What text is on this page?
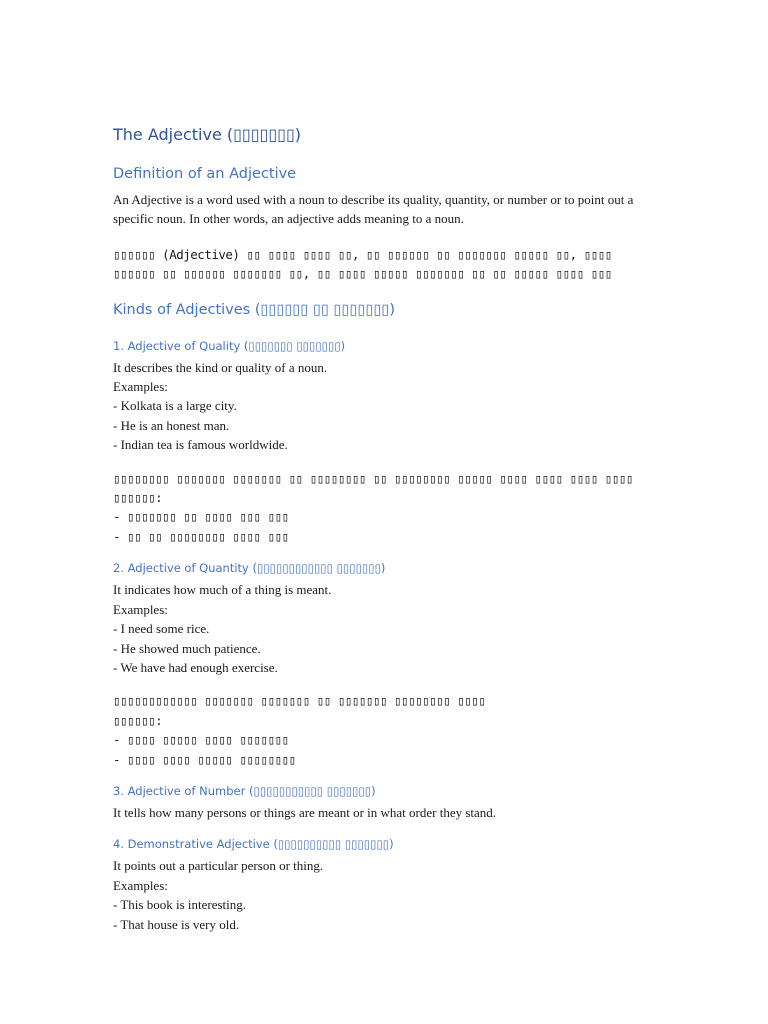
The Adjective (▯▯▯▯▯▯▯)
Definition of an Adjective

An Adjective is a word used with a noun to describe its quality, quantity, or number or to point out a specific noun. In other words, an adjective adds meaning to a noun.

▯▯▯▯▯▯ (Adjective) ▯▯ ▯▯▯▯ ▯▯▯▯ ▯▯, ▯▯ ▯▯▯▯▯▯ ▯▯ ▯▯▯▯▯▯▯ ▯▯▯▯▯ ▯▯, ▯▯▯▯
▯▯▯▯▯▯ ▯▯ ▯▯▯▯▯▯ ▯▯▯▯▯▯▯ ▯▯, ▯▯ ▯▯▯▯ ▯▯▯▯▯ ▯▯▯▯▯▯▯ ▯▯ ▯▯ ▯▯▯▯▯ ▯▯▯▯ ▯▯▯
Kinds of Adjectives (▯▯▯▯▯▯ ▯▯ ▯▯▯▯▯▯▯)
1. Adjective of Quality (▯▯▯▯▯▯▯ ▯▯▯▯▯▯▯)
It describes the kind or quality of a noun.
Examples:
- Kolkata is a large city.
- He is an honest man.
- Indian tea is famous worldwide.
▯▯▯▯▯▯▯▯ ▯▯▯▯▯▯▯ ▯▯▯▯▯▯▯ ▯▯ ▯▯▯▯▯▯▯▯ ▯▯ ▯▯▯▯▯▯▯▯ ▯▯▯▯▯ ▯▯▯▯ ▯▯▯▯ ▯▯▯▯ ▯▯▯▯
▯▯▯▯▯▯:
- ▯▯▯▯▯▯▯ ▯▯ ▯▯▯▯ ▯▯▯ ▯▯▯
- ▯▯ ▯▯ ▯▯▯▯▯▯▯▯ ▯▯▯▯ ▯▯▯
2. Adjective of Quantity (▯▯▯▯▯▯▯▯▯▯▯▯ ▯▯▯▯▯▯▯)
It indicates how much of a thing is meant.
Examples:
- I need some rice.
- He showed much patience.
- We have had enough exercise.
▯▯▯▯▯▯▯▯▯▯▯▯ ▯▯▯▯▯▯▯ ▯▯▯▯▯▯▯ ▯▯ ▯▯▯▯▯▯▯ ▯▯▯▯▯▯▯▯ ▯▯▯▯
▯▯▯▯▯▯:
- ▯▯▯▯ ▯▯▯▯▯ ▯▯▯▯ ▯▯▯▯▯▯▯
- ▯▯▯▯ ▯▯▯▯ ▯▯▯▯▯ ▯▯▯▯▯▯▯▯
3. Adjective of Number (▯▯▯▯▯▯▯▯▯▯▯ ▯▯▯▯▯▯▯)
It tells how many persons or things are meant or in what order they stand.
4. Demonstrative Adjective (▯▯▯▯▯▯▯▯▯▯ ▯▯▯▯▯▯▯)
It points out a particular person or thing.
Examples:
- This book is interesting.
- That house is very old.
